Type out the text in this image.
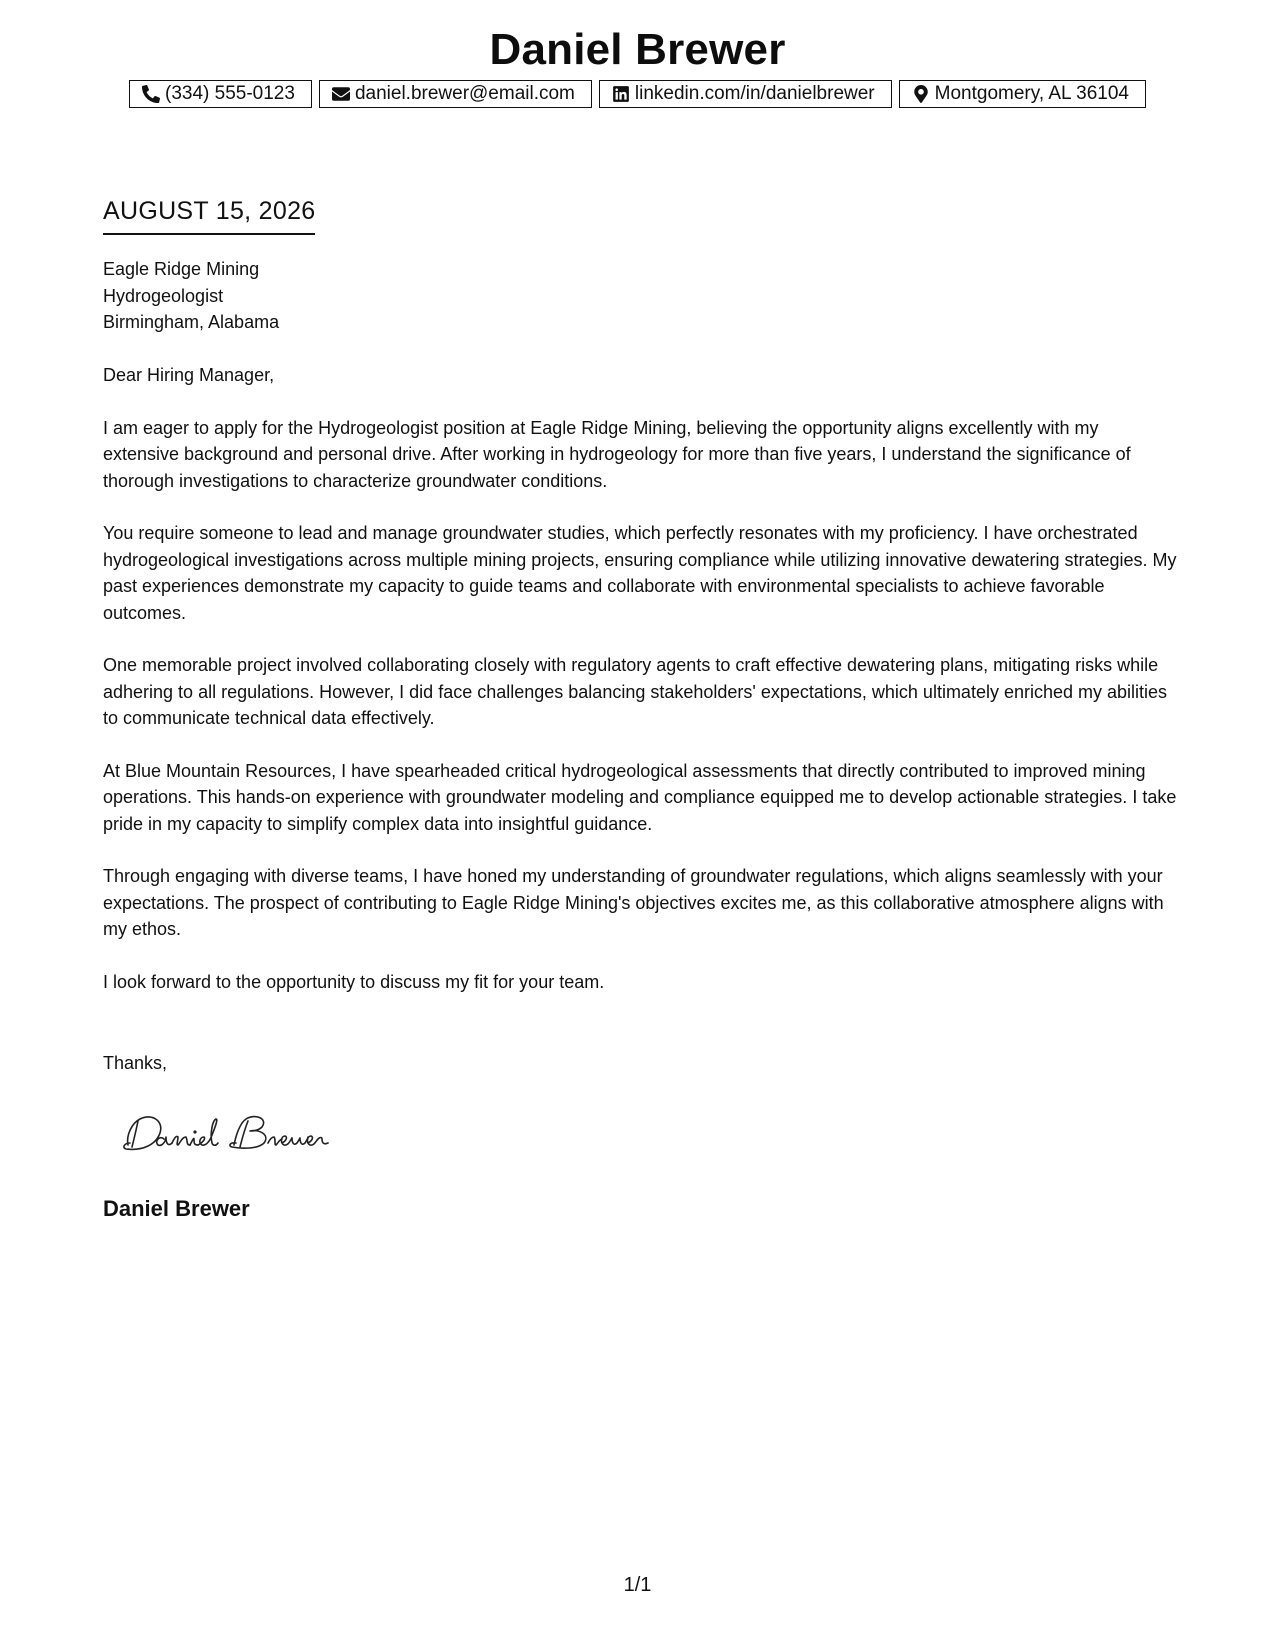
Daniel Brewer
(334) 555-0123	daniel.brewer@email.com	linkedin.com/in/danielbrewer	Montgomery, AL 36104
AUGUST 15, 2026
Eagle Ridge Mining
Hydrogeologist
Birmingham, Alabama

Dear Hiring Manager,

I am eager to apply for the Hydrogeologist position at Eagle Ridge Mining, believing the opportunity aligns excellently with my extensive background and personal drive. After working in hydrogeology for more than five years, I understand the significance of thorough investigations to characterize groundwater conditions.

You require someone to lead and manage groundwater studies, which perfectly resonates with my proficiency. I have orchestrated hydrogeological investigations across multiple mining projects, ensuring compliance while utilizing innovative dewatering strategies. My past experiences demonstrate my capacity to guide teams and collaborate with environmental specialists to achieve favorable outcomes.

One memorable project involved collaborating closely with regulatory agents to craft effective dewatering plans, mitigating risks while adhering to all regulations. However, I did face challenges balancing stakeholders' expectations, which ultimately enriched my abilities to communicate technical data effectively.

At Blue Mountain Resources, I have spearheaded critical hydrogeological assessments that directly contributed to improved mining operations. This hands-on experience with groundwater modeling and compliance equipped me to develop actionable strategies. I take pride in my capacity to simplify complex data into insightful guidance.

Through engaging with diverse teams, I have honed my understanding of groundwater regulations, which aligns seamlessly with your expectations. The prospect of contributing to Eagle Ridge Mining's objectives excites me, as this collaborative atmosphere aligns with my ethos.

I look forward to the opportunity to discuss my fit for your team.

Thanks,
Daniel Brewer
1/1
